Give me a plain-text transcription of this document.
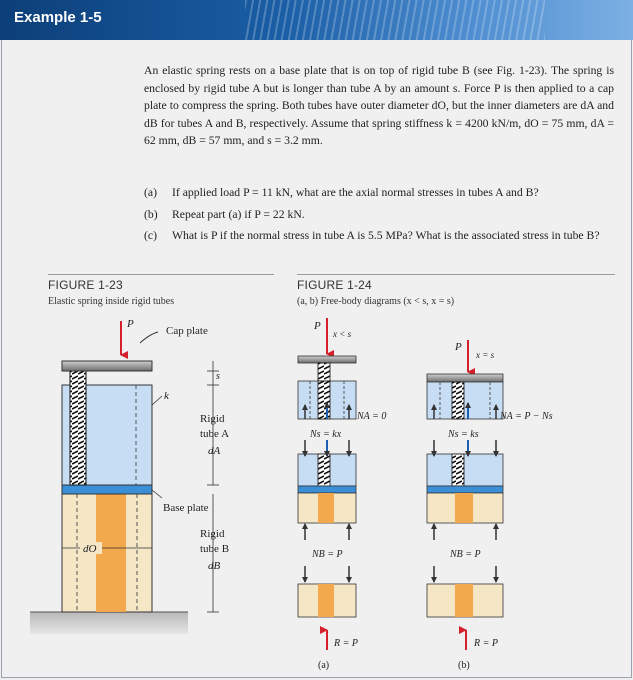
Example 1-5
An elastic spring rests on a base plate that is on top of rigid tube B (see Fig. 1-23). The spring is enclosed by rigid tube A but is longer than tube A by an amount s. Force P is then applied to a cap plate to compress the spring. Both tubes have outer diameter dO, but the inner diameters are dA and dB for tubes A and B, respectively. Assume that spring stiffness k = 4200 kN/m, dO = 75 mm, dA = 62 mm, dB = 57 mm, and s = 3.2 mm.
(a)	If applied load P = 11 kN, what are the axial normal stresses in tubes A and B?
(b)	Repeat part (a) if P = 22 kN.
(c)	What is P if the normal stress in tube A is 5.5 MPa? What is the associated stress in tube B?
FIGURE 1-23
Elastic spring inside rigid tubes
FIGURE 1-24
(a, b) Free-body diagrams (x < s, x = s)
P
Cap plate
s
k
Rigid
tube A
dA
Base plate
Rigid
tube B
dB
dO
P
x < s
NA = 0
Ns = kx
NB = P
R = P
(a)
P
x = s
NA = P − Ns
Ns = ks
NB = P
R = P
(b)
